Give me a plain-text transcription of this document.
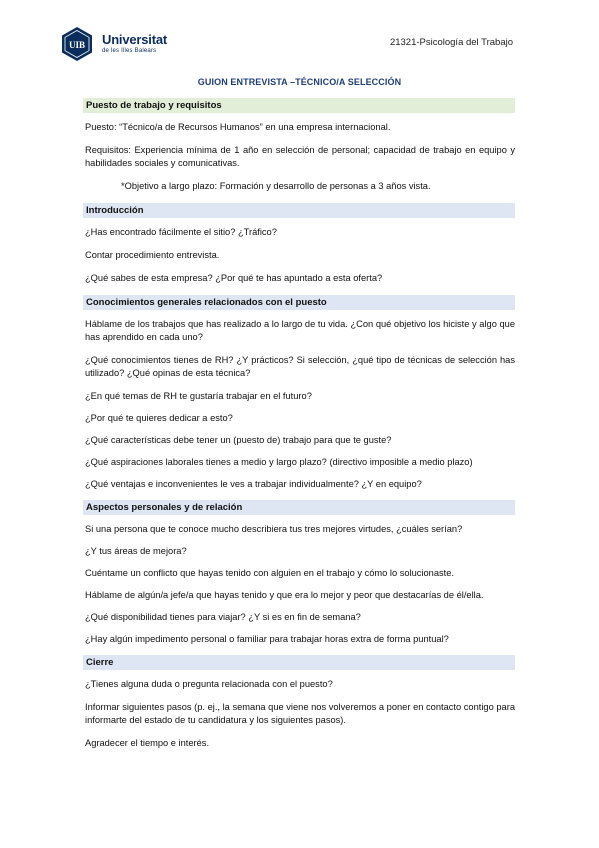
UIB Universitat
de les Illes Balears
21321-Psicología del Trabajo
GUION ENTREVISTA –TÉCNICO/A SELECCIÓN
Puesto de trabajo y requisitos

Puesto: “Técnico/a de Recursos Humanos” en una empresa internacional.

Requisitos: Experiencia mínima de 1 año en selección de personal; capacidad de trabajo en equipo y habilidades sociales y comunicativas.

*Objetivo a largo plazo: Formación y desarrollo de personas a 3 años vista.

Introducción

¿Has encontrado fácilmente el sitio? ¿Tráfico?

Contar procedimiento entrevista.

¿Qué sabes de esta empresa? ¿Por qué te has apuntado a esta oferta?

Conocimientos generales relacionados con el puesto

Háblame de los trabajos que has realizado a lo largo de tu vida. ¿Con qué objetivo los hiciste y algo que has aprendido en cada uno?

¿Qué conocimientos tienes de RH? ¿Y prácticos? Si selección, ¿qué tipo de técnicas de selección has utilizado? ¿Qué opinas de esta técnica?

¿En qué temas de RH te gustaría trabajar en el futuro?

¿Por qué te quieres dedicar a esto?

¿Qué características debe tener un (puesto de) trabajo para que te guste?

¿Qué aspiraciones laborales tienes a medio y largo plazo? (directivo imposible a medio plazo)

¿Qué ventajas e inconvenientes le ves a trabajar individualmente? ¿Y en equipo?

Aspectos personales y de relación

Si una persona que te conoce mucho describiera tus tres mejores virtudes, ¿cuáles serían?

¿Y tus áreas de mejora?

Cuéntame un conflicto que hayas tenido con alguien en el trabajo y cómo lo solucionaste.

Háblame de algún/a jefe/a que hayas tenido y que era lo mejor y peor que destacarías de él/ella.

¿Qué disponibilidad tienes para viajar? ¿Y si es en fin de semana?

¿Hay algún impedimento personal o familiar para trabajar horas extra de forma puntual?

Cierre

¿Tienes alguna duda o pregunta relacionada con el puesto?

Informar siguientes pasos (p. ej., la semana que viene nos volveremos a poner en contacto contigo para informarte del estado de tu candidatura y los siguientes pasos).

Agradecer el tiempo e interés.
